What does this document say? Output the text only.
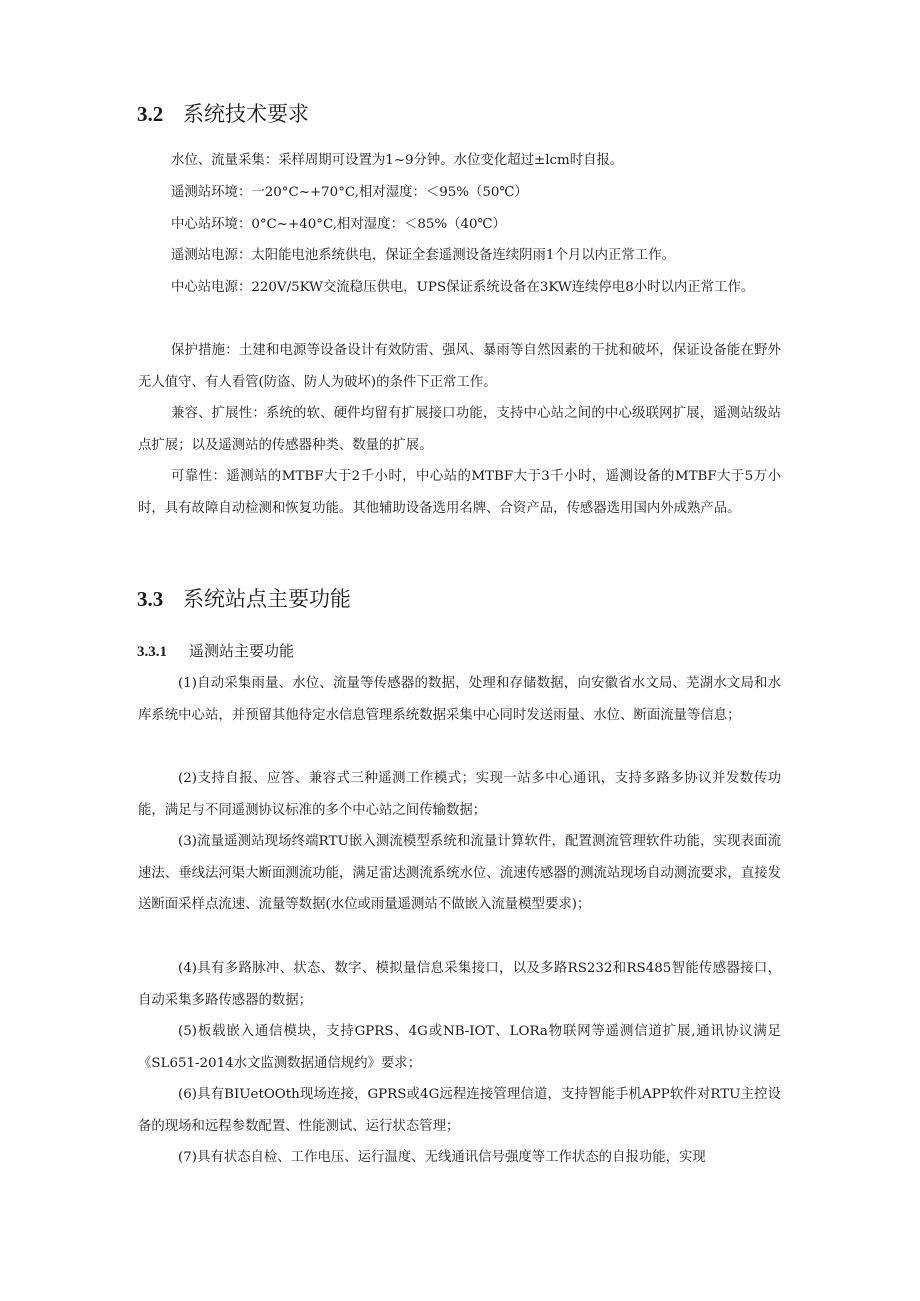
3.2 系统技术要求

水位、流量采集：采样周期可设置为1~9分钟。水位变化超过±lcm时自报。

遥测站环境：一20°C~+70°C,相对湿度：＜95%（50℃）

中心站环境：0°C~+40°C,相对湿度：＜85%（40℃）

遥测站电源：太阳能电池系统供电，保证全套遥测设备连续阴雨1个月以内正常工作。

中心站电源：220V/5KW交流稳压供电，UPS保证系统设备在3KW连续停电8小时以内正常工作。

保护措施：土建和电源等设备设计有效防雷、强风、暴雨等自然因素的干扰和破坏，保证设备能在野外无人值守、有人看管(防盗、防人为破坏)的条件下正常工作。

兼容、扩展性：系统的软、硬件均留有扩展接口功能，支持中心站之间的中心级联网扩展，遥测站级站点扩展；以及遥测站的传感器种类、数量的扩展。

可靠性：遥测站的MTBF大于2千小时，中心站的MTBF大于3千小时，遥测设备的MTBF大于5万小时，具有故障自动检测和恢复功能。其他辅助设备选用名牌、合资产品，传感器选用国内外成熟产品。

3.3 系统站点主要功能
3.3.1 遥测站主要功能

(1)自动采集雨量、水位、流量等传感器的数据，处理和存储数据，向安徽省水文局、芜湖水文局和水库系统中心站，并预留其他待定水信息管理系统数据采集中心同时发送雨量、水位、断面流量等信息；

(2)支持自报、应答、兼容式三种遥测工作模式；实现一站多中心通讯，支持多路多协议并发数传功能，满足与不同遥测协议标准的多个中心站之间传输数据；

(3)流量遥测站现场终端RTU嵌入测流模型系统和流量计算软件，配置测流管理软件功能，实现表面流速法、垂线法河渠大断面测流功能，满足雷达测流系统水位、流速传感器的测流站现场自动测流要求，直接发送断面采样点流速、流量等数据(水位或雨量遥测站不做嵌入流量模型要求)；

(4)具有多路脉冲、状态、数字、模拟量信息采集接口，以及多路RS232和RS485智能传感器接口，自动采集多路传感器的数据；

(5)板载嵌入通信模块，支持GPRS、4G或NB-IOT、LORa物联网等遥测信道扩展,通讯协议满足《SL651-2014水文监测数据通信规约》要求；

(6)具有BIUetOOth现场连接，GPRS或4G远程连接管理信道，支持智能手机APP软件对RTU主控设备的现场和远程参数配置、性能测试、运行状态管理；

(7)具有状态自检、工作电压、运行温度、无线通讯信号强度等工作状态的自报功能，实现
